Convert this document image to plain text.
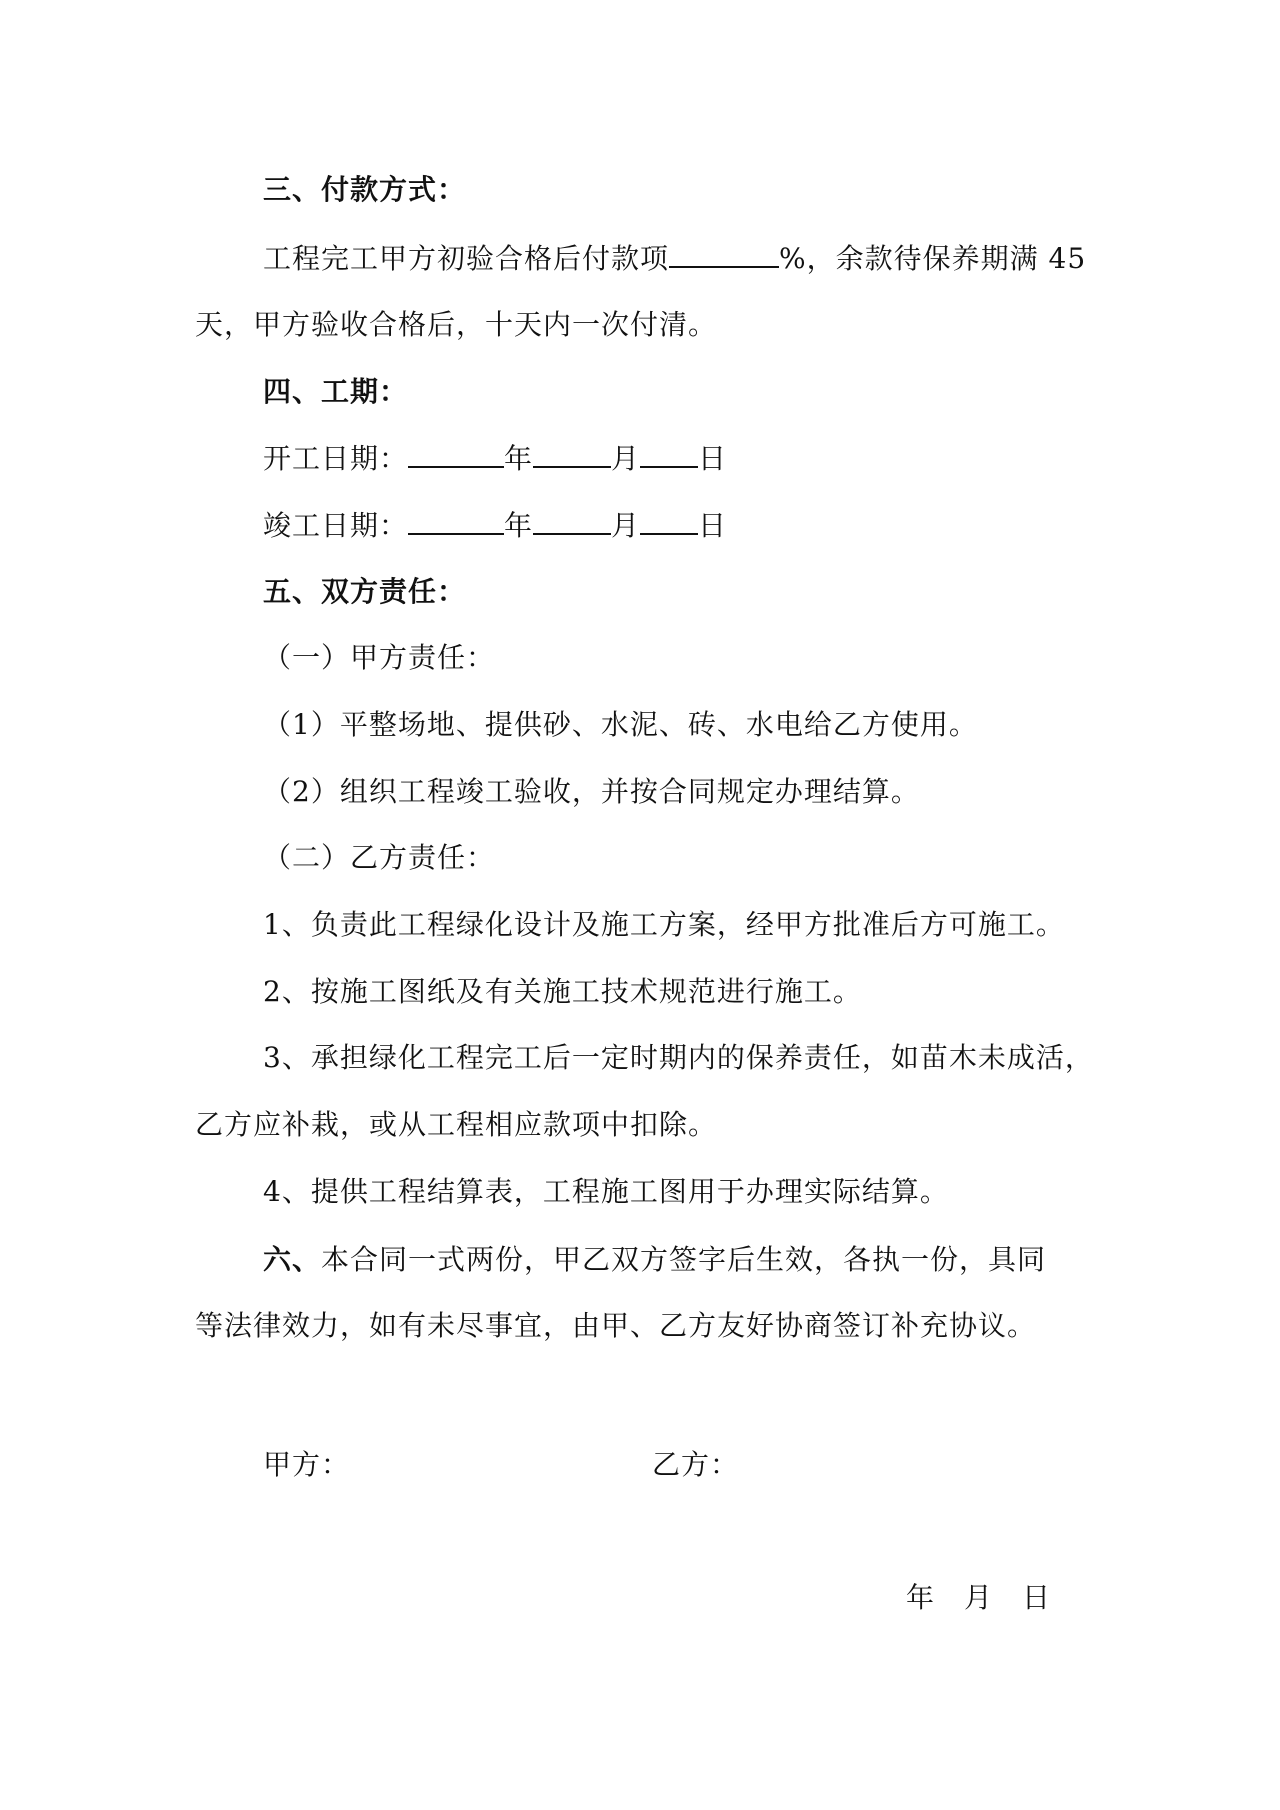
三、付款方式：
工程完工甲方初验合格后付款项	%，余款待保养期满 45
天，甲方验收合格后，十天内一次付清。
四、工期：
开工日期：	年	月 日
竣工日期：	年	月 日
五、双方责任：
（一）甲方责任：
（1）平整场地、提供砂、水泥、砖、水电给乙方使用。
（2）组织工程竣工验收，并按合同规定办理结算。
（二）乙方责任：
1、负责此工程绿化设计及施工方案，经甲方批准后方可施工。
2、按施工图纸及有关施工技术规范进行施工。
3、承担绿化工程完工后一定时期内的保养责任，如苗木未成活，
乙方应补栽，或从工程相应款项中扣除。
4、提供工程结算表，工程施工图用于办理实际结算。
六、本合同一式两份，甲乙双方签字后生效，各执一份，具同
等法律效力，如有未尽事宜，由甲、乙方友好协商签订补充协议。
甲方：	乙方：
年　月　日
